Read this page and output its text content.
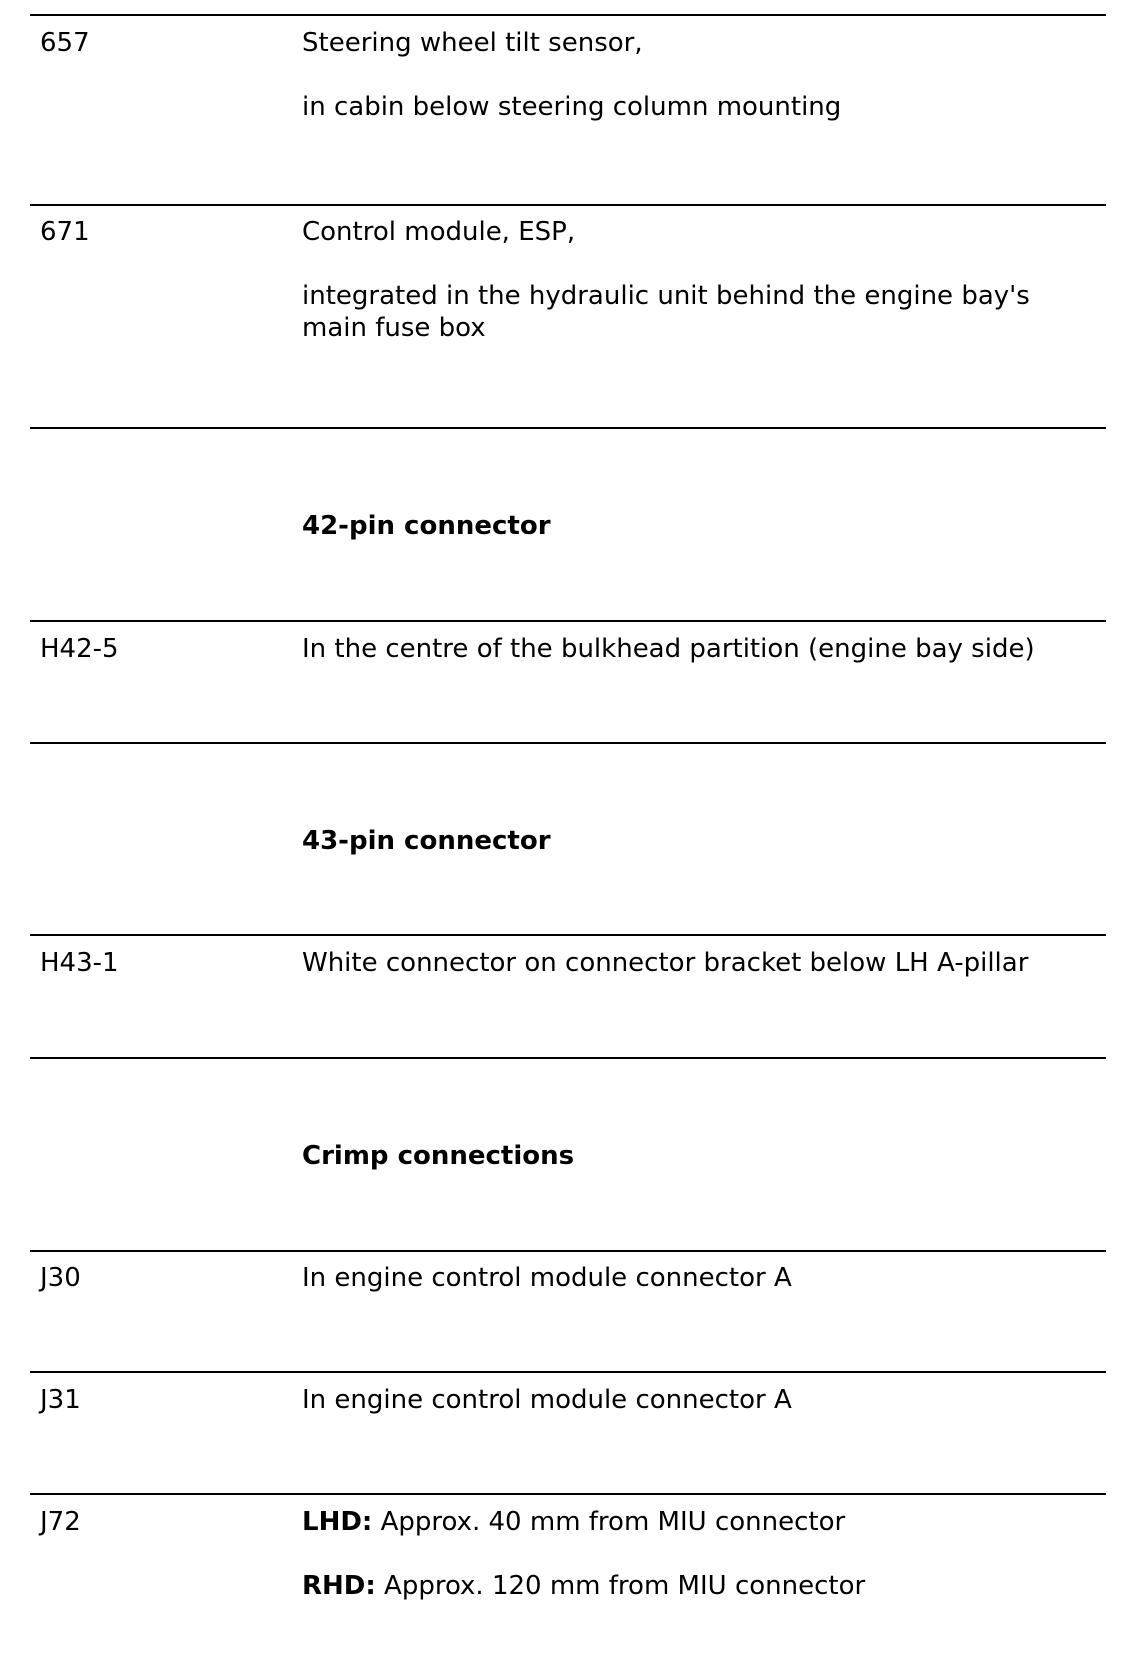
657	Steering wheel tilt sensor,

in cabin below steering column mounting

671	Control module, ESP,

integrated in the hydraulic unit behind the engine bay's main fuse box

42-pin connector
H42-5	In the centre of the bulkhead partition (engine bay side)

43-pin connector
H43-1	White connector on connector bracket below LH A-pillar

Crimp connections
J30	In engine control module connector A

J31	In engine control module connector A

J72	LHD: Approx. 40 mm from MIU connector

RHD: Approx. 120 mm from MIU connector
